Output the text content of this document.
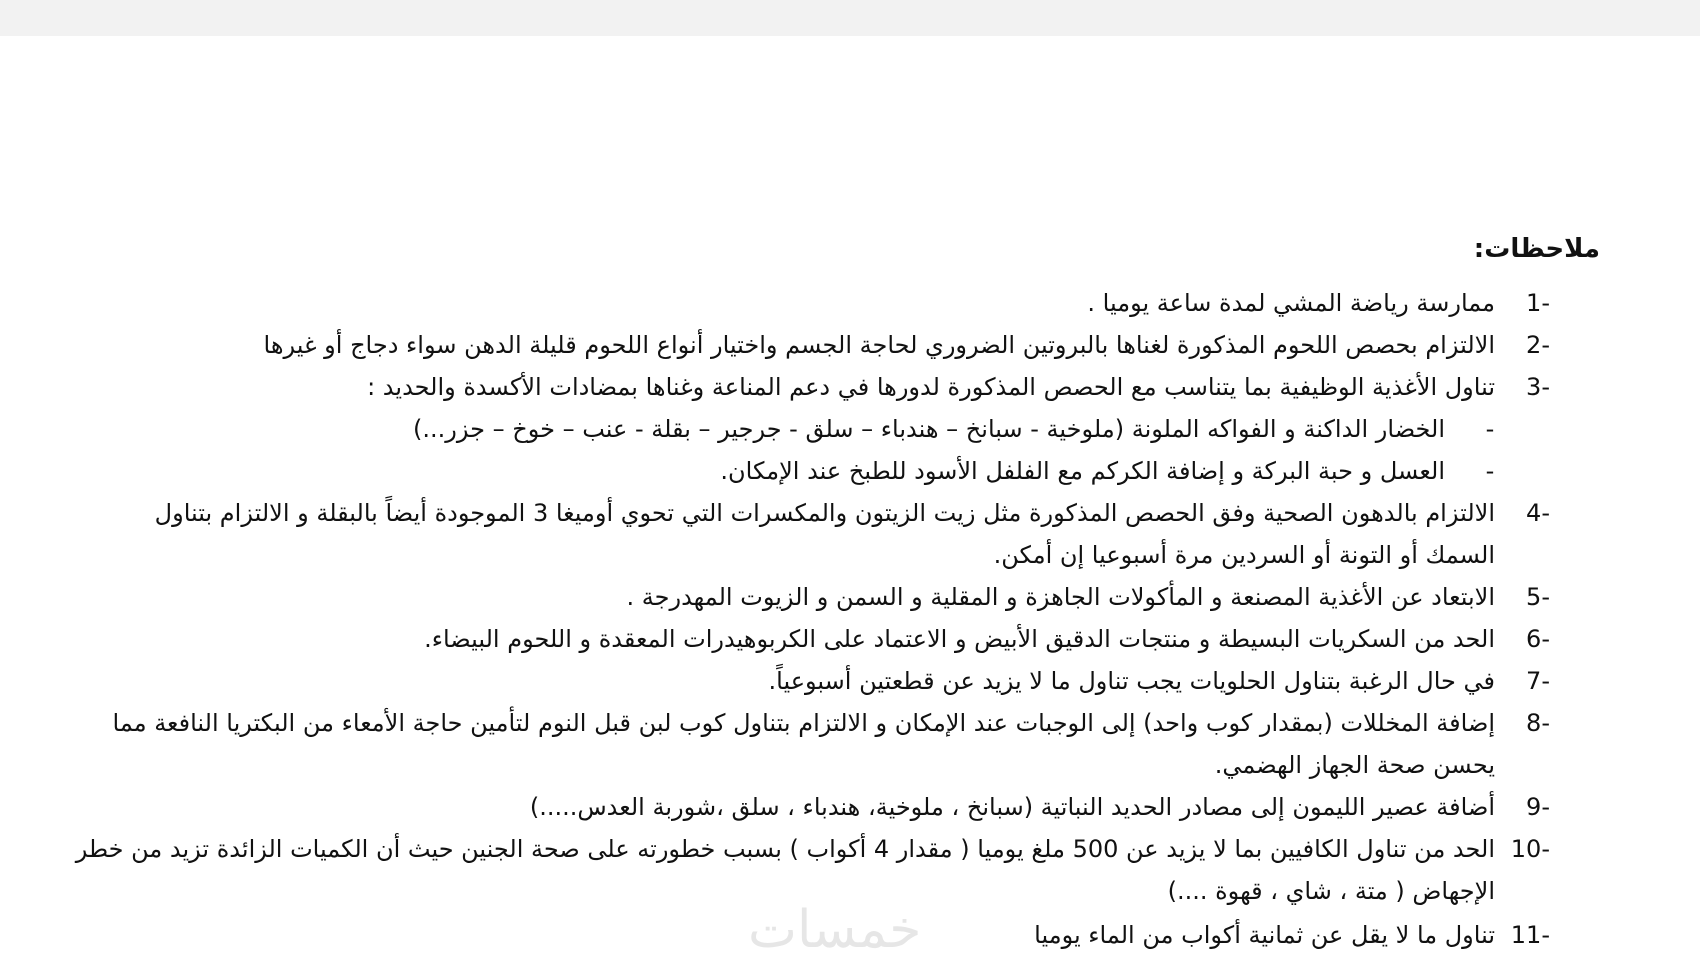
ملاحظات:
-1
ممارسة رياضة المشي لمدة ساعة يوميا .
-2
الالتزام بحصص اللحوم المذكورة لغناها بالبروتين الضروري لحاجة الجسم واختيار أنواع اللحوم قليلة الدهن سواء دجاج أو غيرها
-3
تناول الأغذية الوظيفية بما يتناسب مع الحصص المذكورة لدورها في دعم المناعة وغناها بمضادات الأكسدة والحديد :
-
الخضار الداكنة و الفواكه الملونة (ملوخية - سبانخ – هندباء – سلق - جرجير – بقلة - عنب – خوخ – جزر...)
-
العسل و حبة البركة و إضافة الكركم مع الفلفل الأسود للطبخ عند الإمكان.
-4
الالتزام بالدهون الصحية وفق الحصص المذكورة مثل زيت الزيتون والمكسرات التي تحوي أوميغا 3 الموجودة أيضاً بالبقلة و الالتزام بتناول
السمك أو التونة أو السردين مرة أسبوعيا إن أمكن.
-5
الابتعاد عن الأغذية المصنعة و المأكولات الجاهزة و المقلية و السمن و الزيوت المهدرجة .
-6
الحد من السكريات البسيطة و منتجات الدقيق الأبيض و الاعتماد على الكربوهيدرات المعقدة و اللحوم البيضاء.
-7
في حال الرغبة بتناول الحلويات يجب تناول ما لا يزيد عن قطعتين أسبوعياً.
-8
إضافة المخللات (بمقدار كوب واحد) إلى الوجبات عند الإمكان و الالتزام بتناول كوب لبن قبل النوم لتأمين حاجة الأمعاء من البكتريا النافعة مما
يحسن صحة الجهاز الهضمي.
-9
أضافة عصير الليمون إلى مصادر الحديد النباتية (سبانخ ، ملوخية، هندباء ، سلق ،شوربة العدس.....)
-10
الحد من تناول الكافيين بما لا يزيد عن 500 ملغ يوميا ( مقدار 4 أكواب ) بسبب خطورته على صحة الجنين حيث أن الكميات الزائدة تزيد من خطر
الإجهاض ( متة ، شاي ، قهوة ....)
-11
تناول ما لا يقل عن ثمانية أكواب من الماء يوميا
خمسات
